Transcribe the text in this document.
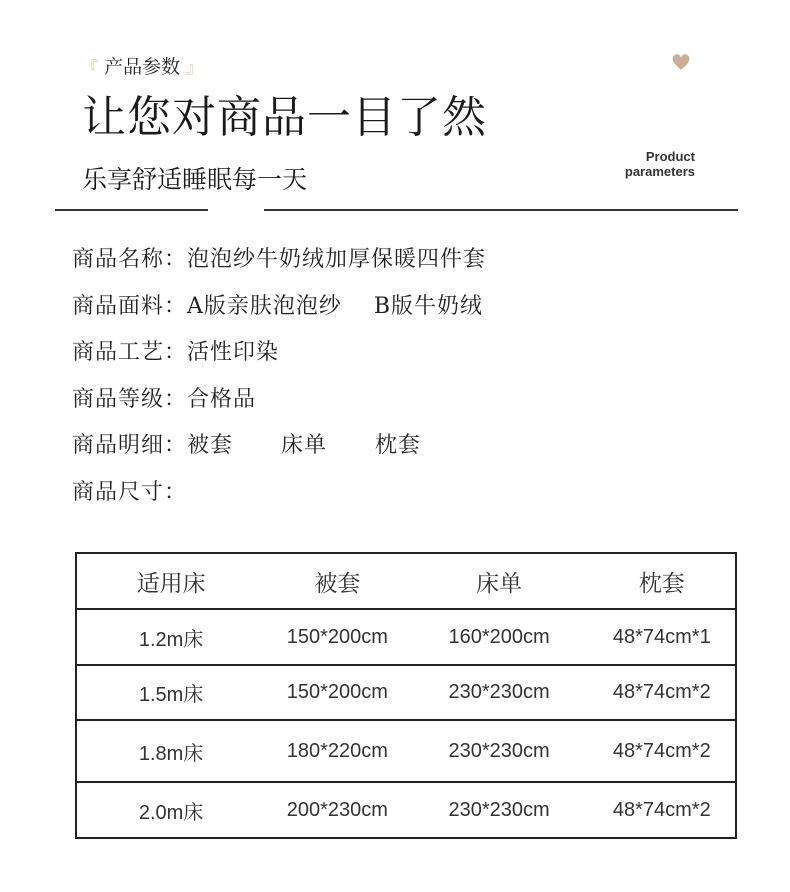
『 产品参数 』
让您对商品一目了然
乐享舒适睡眠每一天
Product
parameters
商品名称：泡泡纱牛奶绒加厚保暖四件套
商品面料：A版亲肤泡泡纱    B版牛奶绒
商品工艺：活性印染
商品等级：合格品
商品明细：被套      床单      枕套
商品尺寸：
适用床	被套	床单	枕套
1.2m床	150*200cm	160*200cm	48*74cm*1
1.5m床	150*200cm	230*230cm	48*74cm*2
1.8m床	180*220cm	230*230cm	48*74cm*2
2.0m床	200*230cm	230*230cm	48*74cm*2
